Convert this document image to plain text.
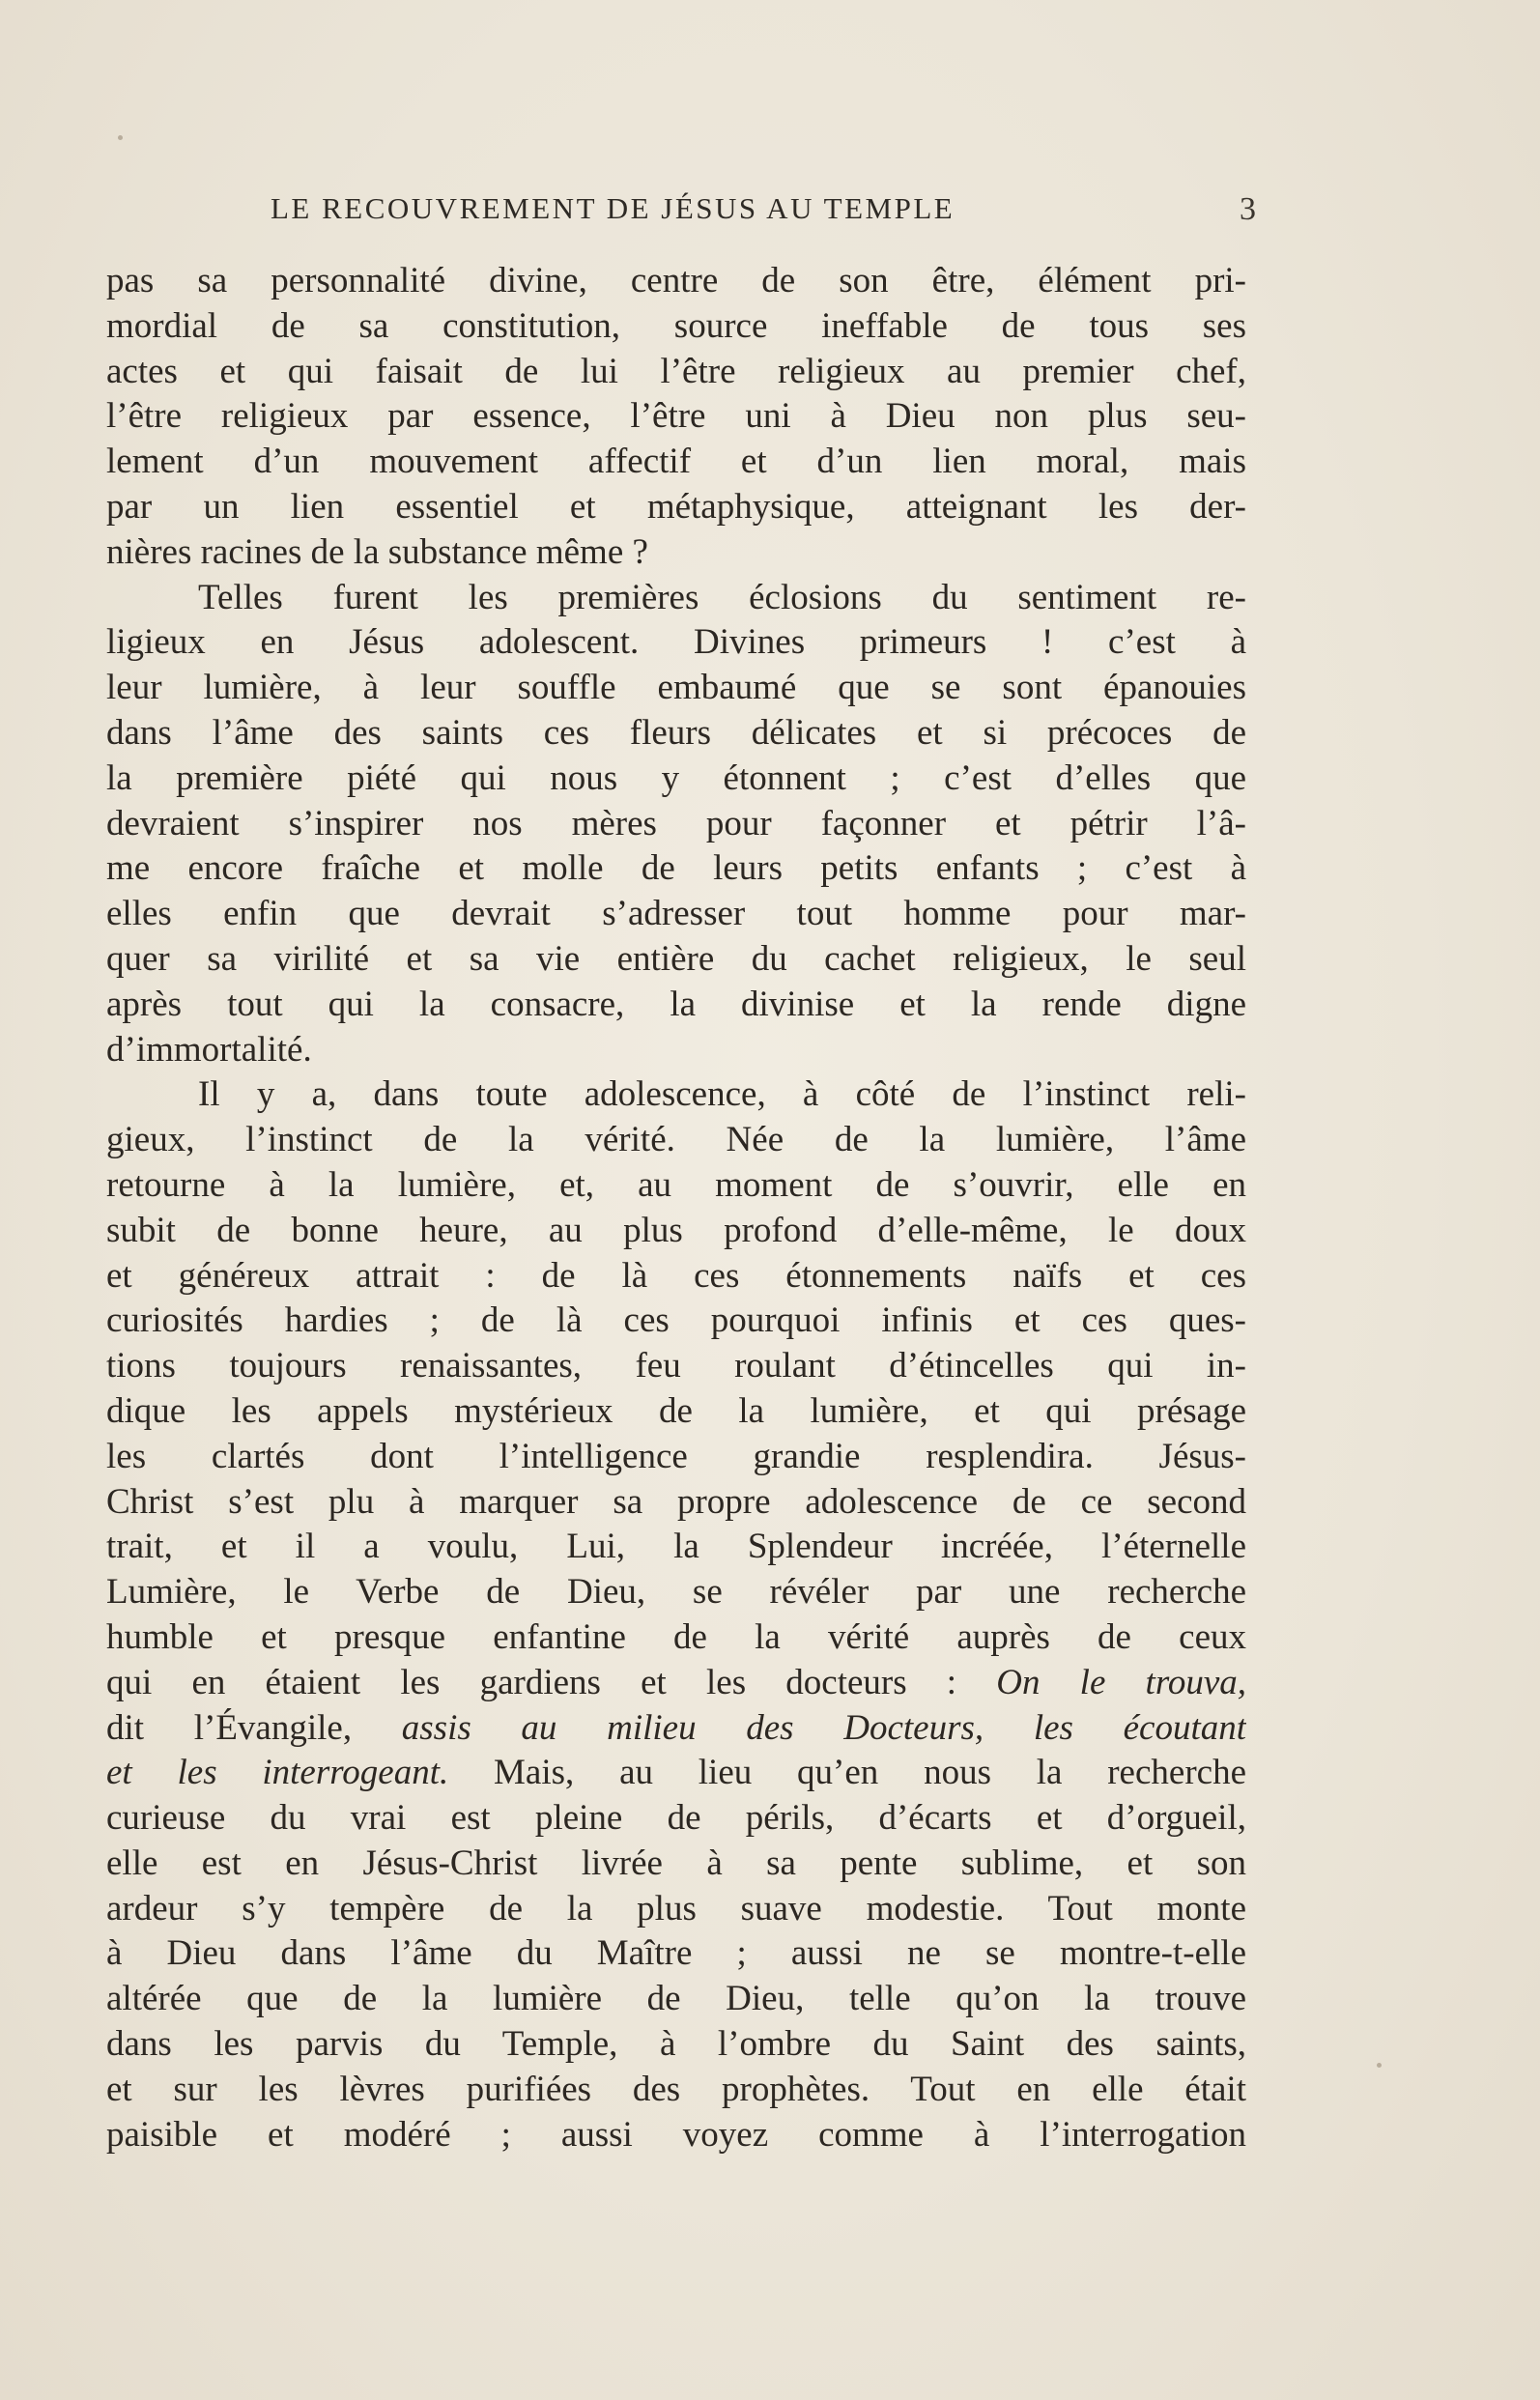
LE RECOUVREMENT DE JÉSUS AU TEMPLE	3
pas sa personnalité divine, centre de son être, élément pri-
mordial de sa constitution, source ineffable de tous ses
actes et qui faisait de lui l’être religieux au premier chef,
l’être religieux par essence, l’être uni à Dieu non plus seu-
lement d’un mouvement affectif et d’un lien moral, mais
par un lien essentiel et métaphysique, atteignant les der-
nières racines de la substance même ?
Telles furent les premières éclosions du sentiment re-
ligieux en Jésus adolescent. Divines primeurs ! c’est à
leur lumière, à leur souffle embaumé que se sont épanouies
dans l’âme des saints ces fleurs délicates et si précoces de
la première piété qui nous y étonnent ; c’est d’elles que
devraient s’inspirer nos mères pour façonner et pétrir l’â-
me encore fraîche et molle de leurs petits enfants ; c’est à
elles enfin que devrait s’adresser tout homme pour mar-
quer sa virilité et sa vie entière du cachet religieux, le seul
après tout qui la consacre, la divinise et la rende digne
d’immortalité.
Il y a, dans toute adolescence, à côté de l’instinct reli-
gieux, l’instinct de la vérité. Née de la lumière, l’âme
retourne à la lumière, et, au moment de s’ouvrir, elle en
subit de bonne heure, au plus profond d’elle-même, le doux
et généreux attrait : de là ces étonnements naïfs et ces
curiosités hardies ; de là ces pourquoi infinis et ces ques-
tions toujours renaissantes, feu roulant d’étincelles qui in-
dique les appels mystérieux de la lumière, et qui présage
les clartés dont l’intelligence grandie resplendira. Jésus-
Christ s’est plu à marquer sa propre adolescence de ce second
trait, et il a voulu, Lui, la Splendeur incréée, l’éternelle
Lumière, le Verbe de Dieu, se révéler par une recherche
humble et presque enfantine de la vérité auprès de ceux
qui en étaient les gardiens et les docteurs : On le trouva,
dit l’Évangile, assis au milieu des Docteurs, les écoutant
et les interrogeant. Mais, au lieu qu’en nous la recherche
curieuse du vrai est pleine de périls, d’écarts et d’orgueil,
elle est en Jésus-Christ livrée à sa pente sublime, et son
ardeur s’y tempère de la plus suave modestie. Tout monte
à Dieu dans l’âme du Maître ; aussi ne se montre-t-elle
altérée que de la lumière de Dieu, telle qu’on la trouve
dans les parvis du Temple, à l’ombre du Saint des saints,
et sur les lèvres purifiées des prophètes. Tout en elle était
paisible et modéré ; aussi voyez comme à l’interrogation
